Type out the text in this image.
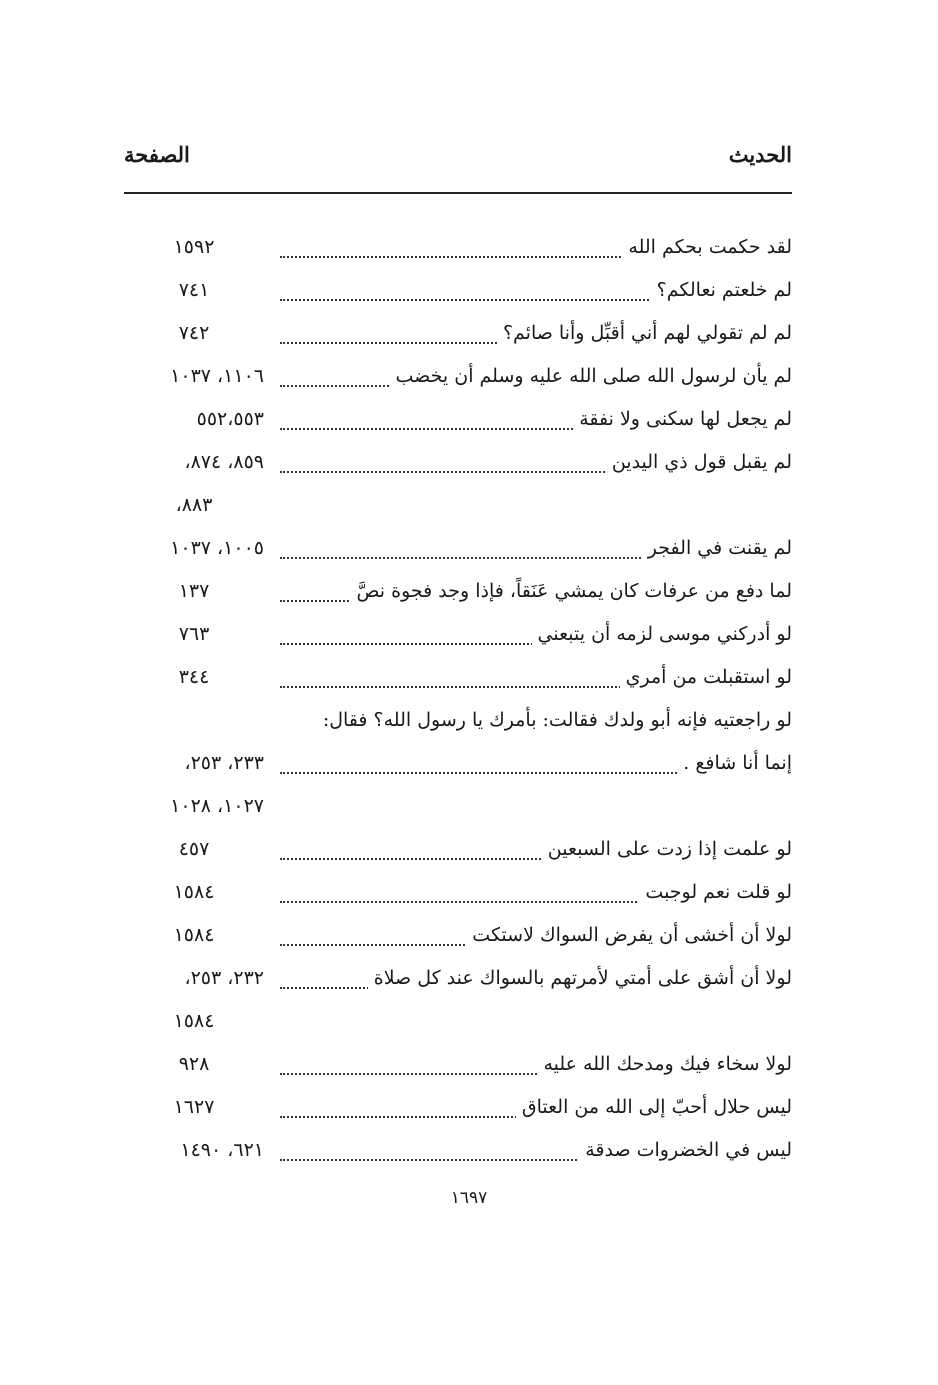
الحديث
الصفحة
لقد حكمت بحكم الله
١٥٩٢
لم خلعتم نعالكم؟
٧٤١
لم لم تقولي لهم أني أقبِّل وأنا صائم؟
٧٤٢
لم يأن لرسول الله صلى الله عليه وسلم أن يخضب
١١٠٦، ١٠٣٧
لم يجعل لها سكنى ولا نفقة
٥٥٢،٥٥٣
لم يقبل قول ذي اليدين
٨٥٩، ٨٧٤،
٨٨٣،
لم يقنت في الفجر
١٠٠٥، ١٠٣٧
لما دفع من عرفات كان يمشي عَنَقاً، فإذا وجد فجوة نصَّ
١٣٧
لو أدركني موسى لزمه أن يتبعني
٧٦٣
لو استقبلت من أمري
٣٤٤
لو راجعتيه فإنه أبو ولدك فقالت: بأمرك يا رسول الله؟ فقال:
إنما أنا شافع .
٢٣٣، ٢٥٣،
١٠٢٧، ١٠٢٨
لو علمت إذا زدت على السبعين
٤٥٧
لو قلت نعم لوجبت
١٥٨٤
لولا أن أخشى أن يفرض السواك لاستكت
١٥٨٤
لولا أن أشق على أمتي لأمرتهم بالسواك عند كل صلاة
٢٣٢، ٢٥٣،
١٥٨٤
لولا سخاء فيك ومدحك الله عليه
٩٢٨
ليس حلال أحبّ إلى الله من العتاق
١٦٢٧
ليس في الخضروات صدقة
٦٢١، ١٤٩٠
١٦٩٧
